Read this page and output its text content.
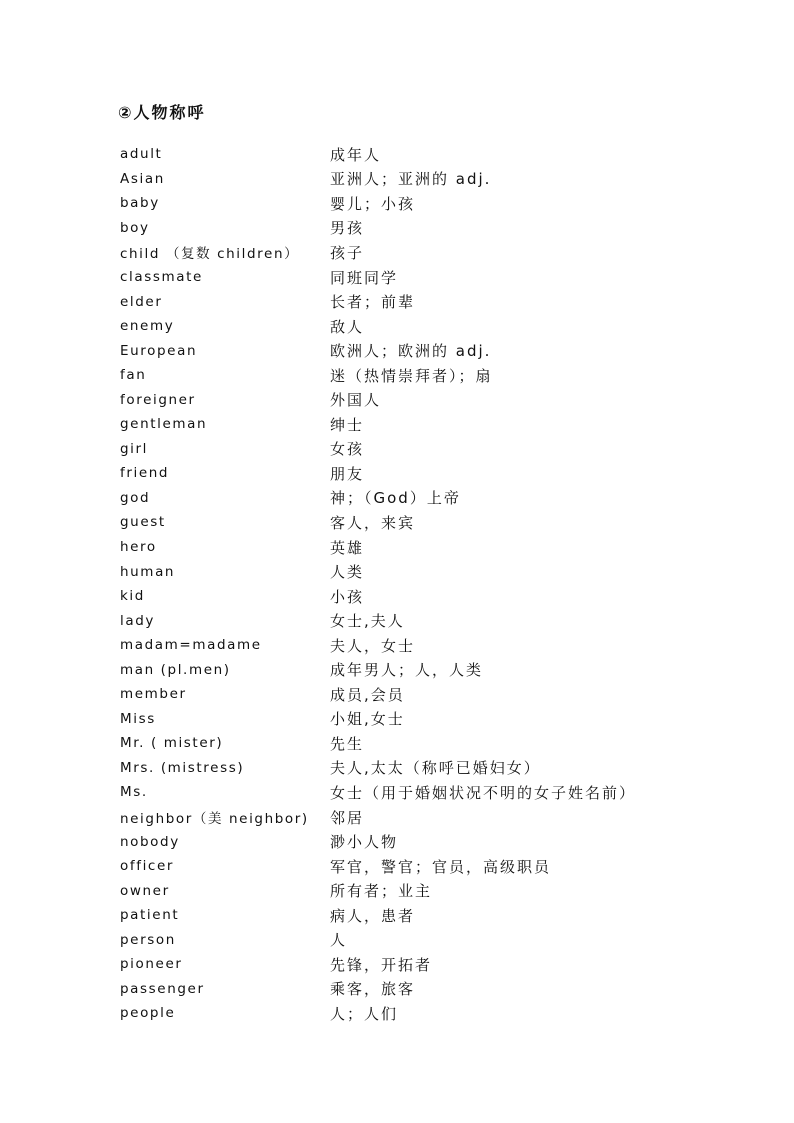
②人物称呼
adult	成年人
Asian	亚洲人；亚洲的 adj.
baby	婴儿；小孩
boy	男孩
child （复数 children）	孩子
classmate	同班同学
elder	长者；前辈
enemy	敌人
European	欧洲人；欧洲的 adj.
fan	迷（热情崇拜者）；扇
foreigner	外国人
gentleman	绅士
girl	女孩
friend	朋友
god	神；（God）上帝
guest	客人，来宾
hero	英雄
human	人类
kid	小孩
lady	女士,夫人
madam=madame	夫人，女士
man (pl.men)	成年男人；人，人类
member	成员,会员
Miss	小姐,女士
Mr. ( mister)	先生
Mrs. (mistress)	夫人,太太（称呼已婚妇女）
Ms.	女士（用于婚姻状况不明的女子姓名前）
neighbor（美 neighbor)	邻居
nobody	渺小人物
officer	军官，警官；官员，高级职员
owner	所有者；业主
patient	病人，患者
person	人
pioneer	先锋，开拓者
passenger	乘客，旅客
people	人；人们
